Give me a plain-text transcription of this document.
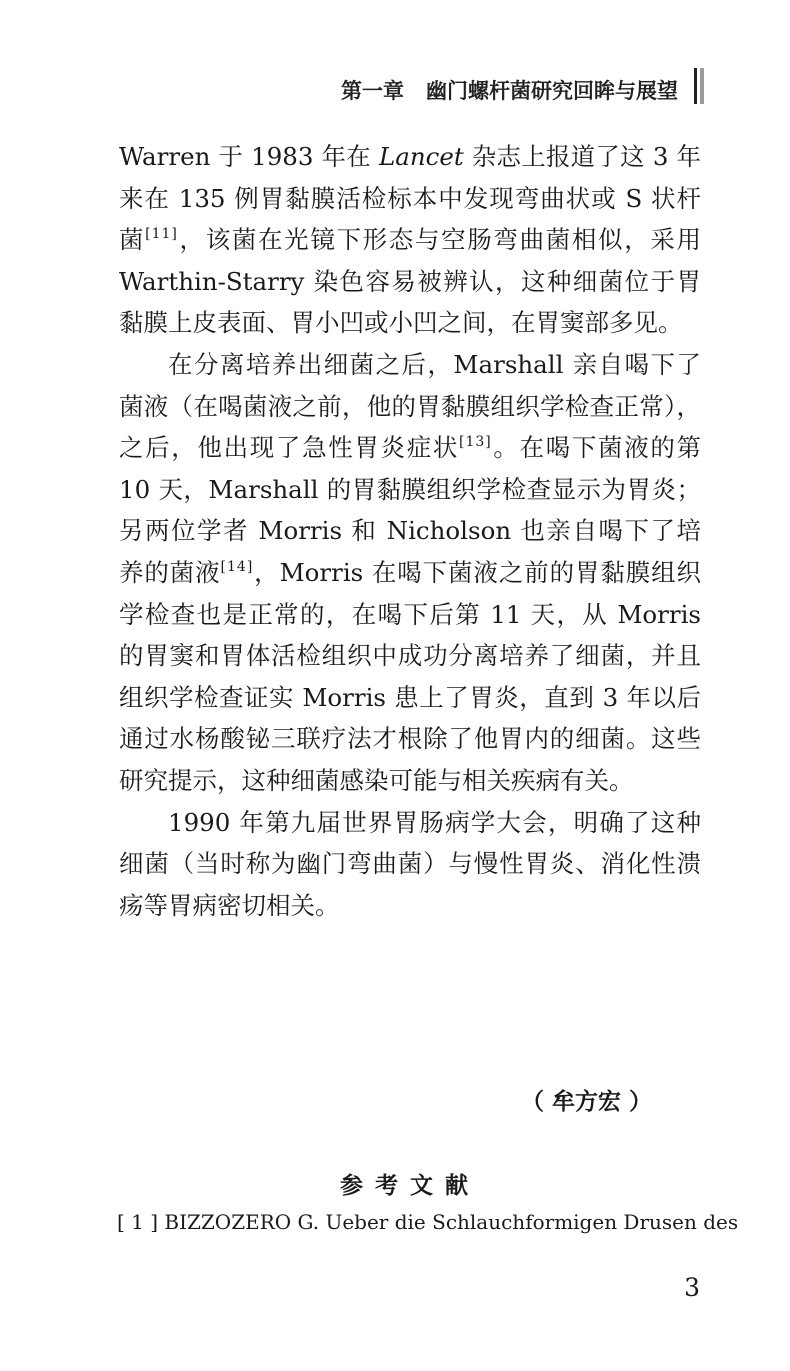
第一章 幽门螺杆菌研究回眸与展望

Warren 于 1983 年在 Lancet 杂志上报道了这 3 年来在 135 例胃黏膜活检标本中发现弯曲状或 S 状杆菌[11]，该菌在光镜下形态与空肠弯曲菌相似，采用 Warthin-Starry 染色容易被辨认，这种细菌位于胃黏膜上皮表面、胃小凹或小凹之间，在胃窦部多见。

在分离培养出细菌之后，Marshall 亲自喝下了菌液（在喝菌液之前，他的胃黏膜组织学检查正常），之后，他出现了急性胃炎症状[13]。在喝下菌液的第 10 天，Marshall 的胃黏膜组织学检查显示为胃炎；另两位学者 Morris 和 Nicholson 也亲自喝下了培养的菌液[14]，Morris 在喝下菌液之前的胃黏膜组织学检查也是正常的，在喝下后第 11 天，从 Morris 的胃窦和胃体活检组织中成功分离培养了细菌，并且组织学检查证实 Morris 患上了胃炎，直到 3 年以后通过水杨酸铋三联疗法才根除了他胃内的细菌。这些研究提示，这种细菌感染可能与相关疾病有关。

1990 年第九届世界胃肠病学大会，明确了这种细菌（当时称为幽门弯曲菌）与慢性胃炎、消化性溃疡等胃病密切相关。

（ 牟方宏 ）
参考文献
[ 1 ] BIZZOZERO G. Ueber die Schlauchformigen Drusen des
3
